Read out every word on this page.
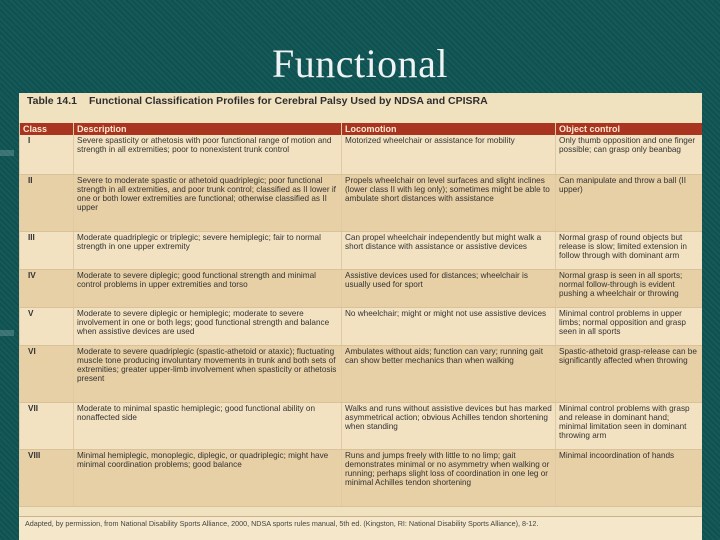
Functional
Table 14.1 Functional Classification Profiles for Cerebral Palsy Used by NDSA and CPISRA
Class	Description	Locomotion	Object control
I	Severe spasticity or athetosis with poor functional range of motion and strength in all extremities; poor to nonexistent trunk control	Motorized wheelchair or assistance for mobility	Only thumb opposition and one finger possible; can grasp only beanbag
II	Severe to moderate spastic or athetoid quadriplegic; poor functional strength in all extremities, and poor trunk control; classified as II lower if one or both lower extremities are functional; otherwise classified as II upper	Propels wheelchair on level surfaces and slight inclines (lower class II with leg only); sometimes might be able to ambulate short distances with assistance	Can manipulate and throw a ball (II upper)
III	Moderate quadriplegic or triplegic; severe hemiplegic; fair to normal strength in one upper extremity	Can propel wheelchair independently but might walk a short distance with assistance or assistive devices	Normal grasp of round objects but release is slow; limited extension in follow through with dominant arm
IV	Moderate to severe diplegic; good functional strength and minimal control problems in upper extremities and torso	Assistive devices used for distances; wheelchair is usually used for sport	Normal grasp is seen in all sports; normal follow-through is evident pushing a wheelchair or throwing
V	Moderate to severe diplegic or hemiplegic; moderate to severe involvement in one or both legs; good functional strength and balance when assistive devices are used	No wheelchair; might or might not use assistive devices	Minimal control problems in upper limbs; normal opposition and grasp seen in all sports
VI	Moderate to severe quadriplegic (spastic-athetoid or ataxic); fluctuating muscle tone producing involuntary movements in trunk and both sets of extremities; greater upper-limb involvement when spasticity or athetosis present	Ambulates without aids; function can vary; running gait can show better mechanics than when walking	Spastic-athetoid grasp-release can be significantly affected when throwing
VII	Moderate to minimal spastic hemiplegic; good functional ability on nonaffected side	Walks and runs without assistive devices but has marked asymmetrical action; obvious Achilles tendon shortening when standing	Minimal control problems with grasp and release in dominant hand; minimal limitation seen in dominant throwing arm
VIII	Minimal hemiplegic, monoplegic, diplegic, or quadriplegic; might have minimal coordination problems; good balance	Runs and jumps freely with little to no limp; gait demonstrates minimal or no asymmetry when walking or running; perhaps slight loss of coordination in one leg or minimal Achilles tendon shortening	Minimal incoordination of hands
Adapted, by permission, from National Disability Sports Alliance, 2000, NDSA sports rules manual, 5th ed. (Kingston, RI: National Disability Sports Alliance), 8-12.
